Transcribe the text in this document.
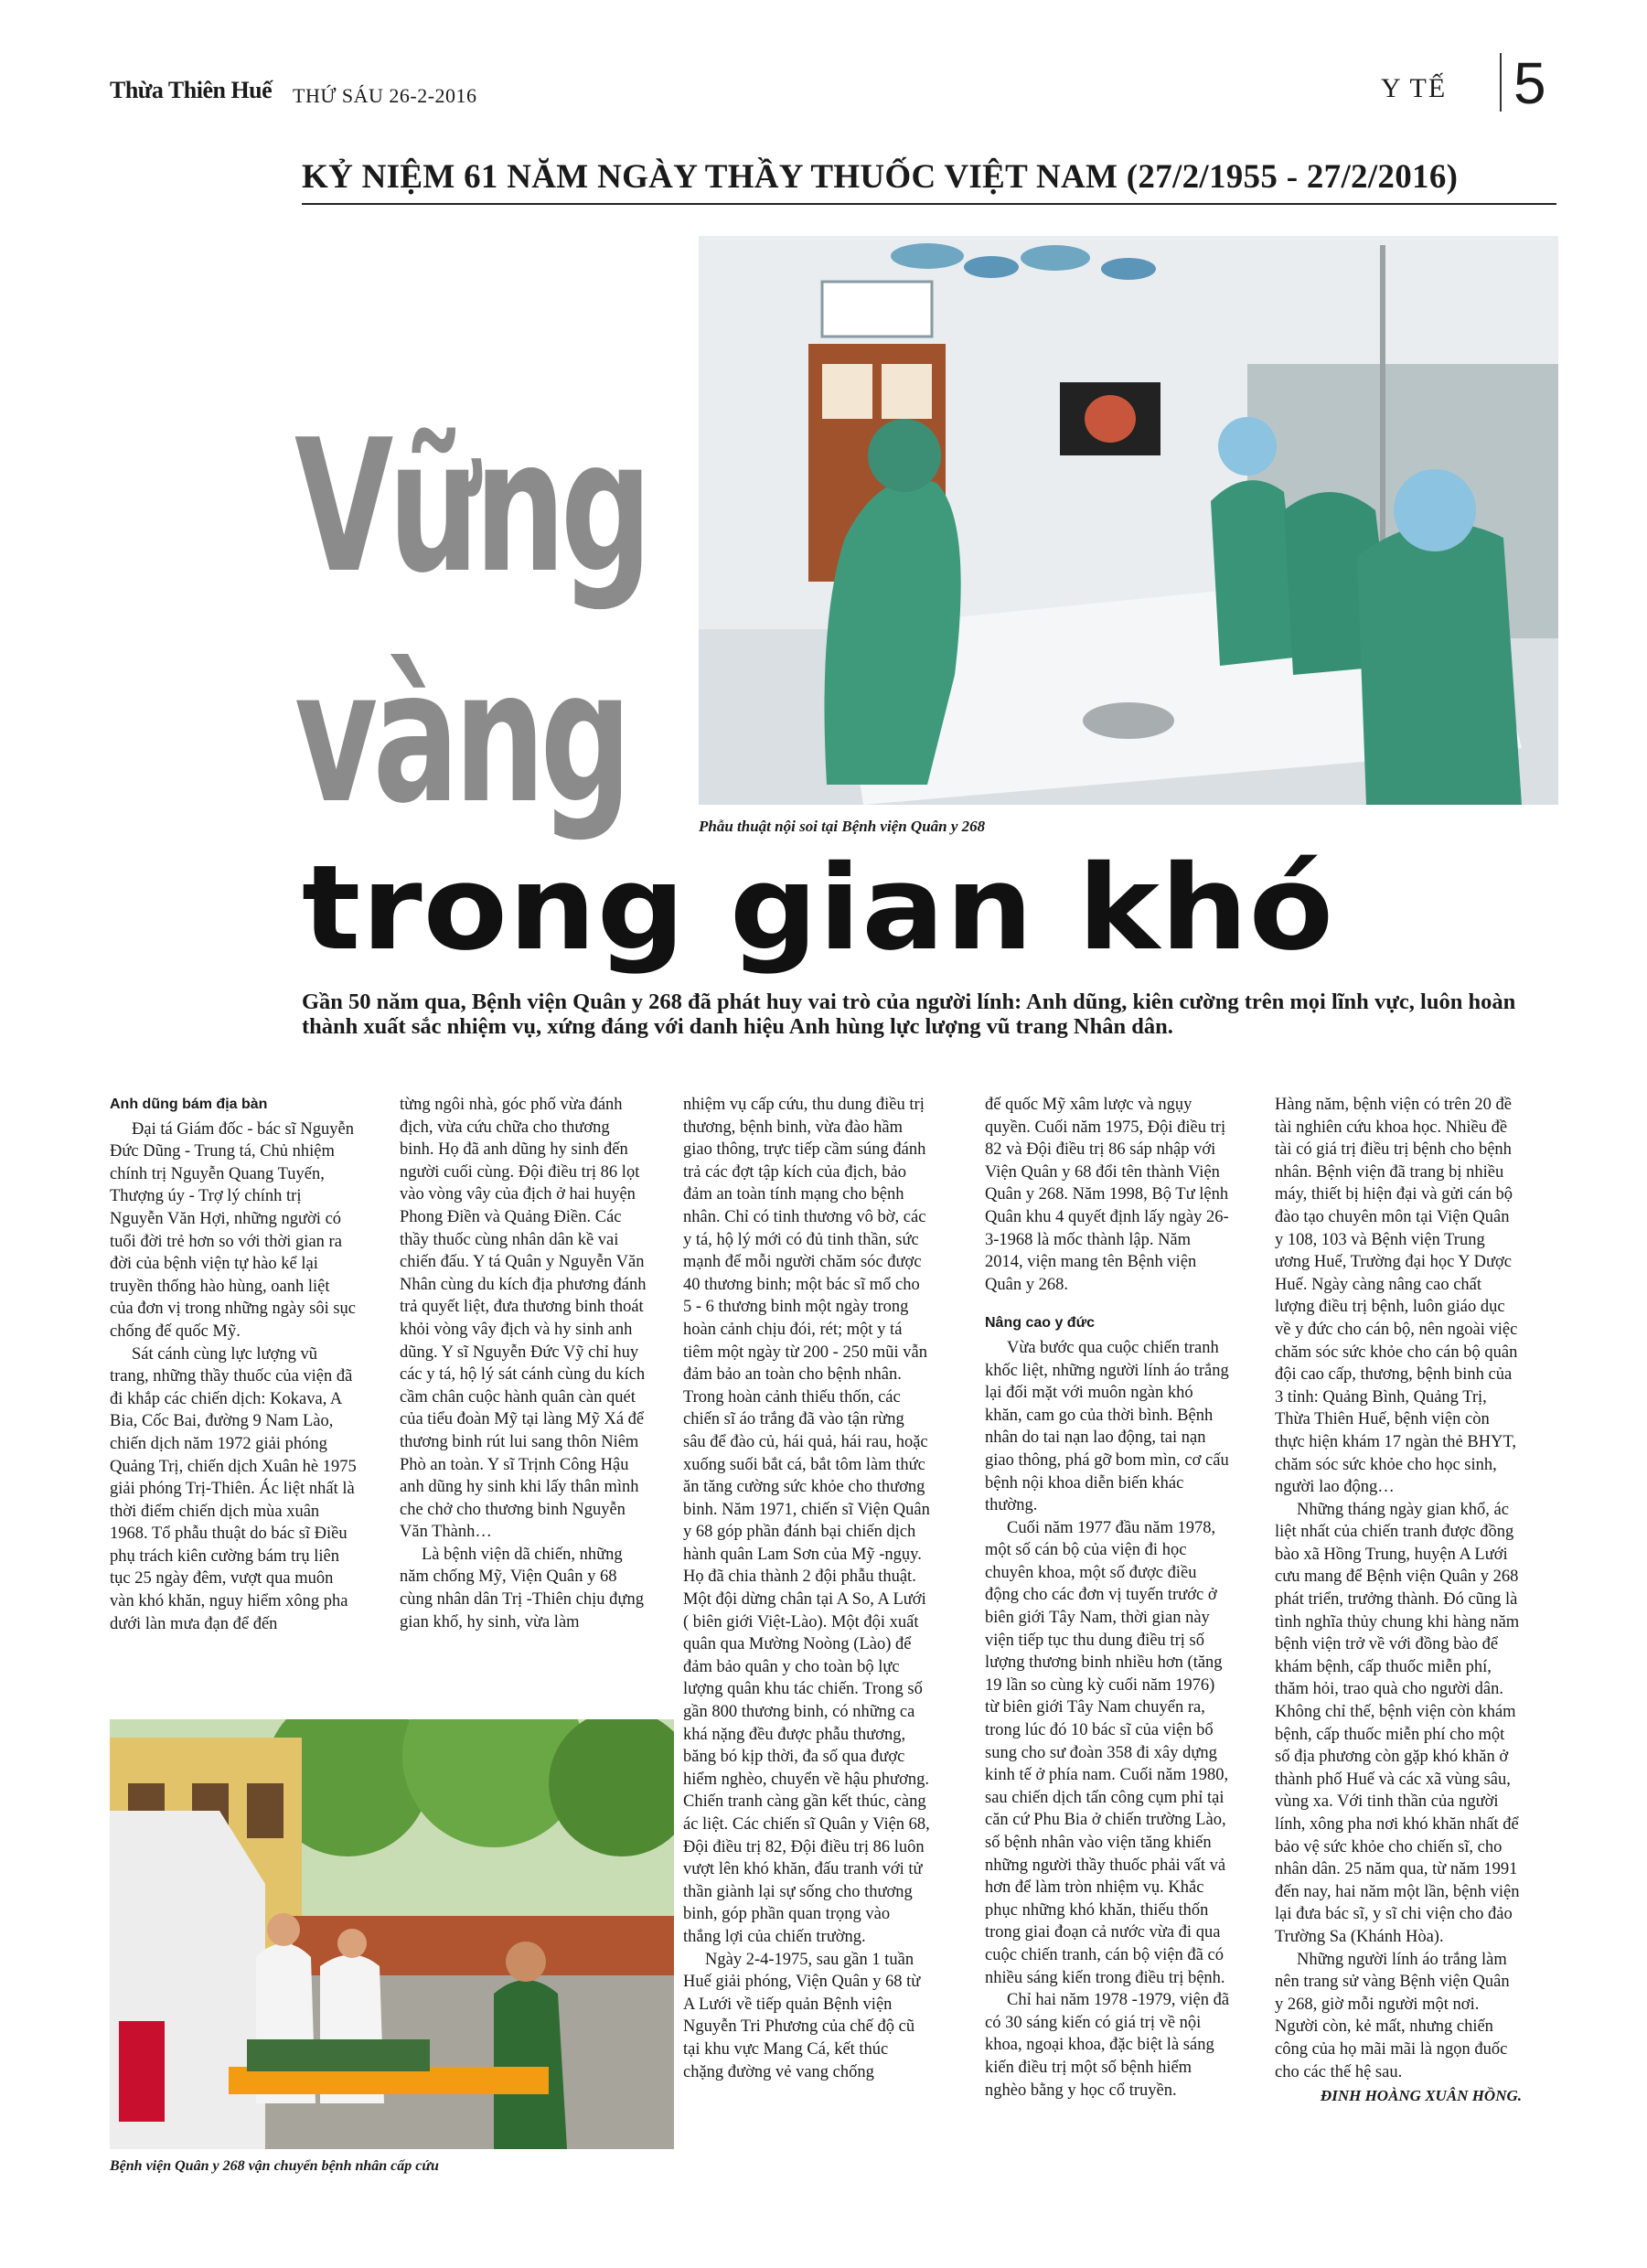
Thừa Thiên Huế THỨ SÁU 26-2-2016	Y TẾ 5
KỶ NIỆM 61 NĂM NGÀY THẦY THUỐC VIỆT NAM (27/2/1955 - 27/2/2016)
Phẫu thuật nội soi tại Bệnh viện Quân y 268
Vững
vàng
trong gian khó
Gần 50 năm qua, Bệnh viện Quân y 268 đã phát huy vai trò của người lính: Anh dũng, kiên cường trên mọi lĩnh vực, luôn hoàn thành xuất sắc nhiệm vụ, xứng đáng với danh hiệu Anh hùng lực lượng vũ trang Nhân dân.
Anh dũng bám địa bàn

Đại tá Giám đốc - bác sĩ Nguyễn Đức Dũng - Trung tá, Chủ nhiệm chính trị Nguyễn Quang Tuyến, Thượng úy - Trợ lý chính trị Nguyễn Văn Hợi, những người có tuổi đời trẻ hơn so với thời gian ra đời của bệnh viện tự hào kể lại truyền thống hào hùng, oanh liệt của đơn vị trong những ngày sôi sục chống đế quốc Mỹ.

Sát cánh cùng lực lượng vũ trang, những thầy thuốc của viện đã đi khắp các chiến dịch: Kokava, A Bia, Cốc Bai, đường 9 Nam Lào, chiến dịch năm 1972 giải phóng Quảng Trị, chiến dịch Xuân hè 1975 giải phóng Trị-Thiên. Ác liệt nhất là thời điểm chiến dịch mùa xuân 1968. Tổ phẫu thuật do bác sĩ Điều phụ trách kiên cường bám trụ liên tục 25 ngày đêm, vượt qua muôn vàn khó khăn, nguy hiểm xông pha dưới làn mưa đạn để đến

từng ngôi nhà, góc phố vừa đánh địch, vừa cứu chữa cho thương binh. Họ đã anh dũng hy sinh đến người cuối cùng. Đội điều trị 86 lọt vào vòng vây của địch ở hai huyện Phong Điền và Quảng Điền. Các thầy thuốc cùng nhân dân kề vai chiến đấu. Y tá Quân y Nguyễn Văn Nhân cùng du kích địa phương đánh trả quyết liệt, đưa thương binh thoát khỏi vòng vây địch và hy sinh anh dũng. Y sĩ Nguyễn Đức Vỹ chỉ huy các y tá, hộ lý sát cánh cùng du kích cầm chân cuộc hành quân càn quét của tiểu đoàn Mỹ tại làng Mỹ Xá để thương binh rút lui sang thôn Niêm Phò an toàn. Y sĩ Trịnh Công Hậu anh dũng hy sinh khi lấy thân mình che chở cho thương binh Nguyễn Văn Thành…

Là bệnh viện dã chiến, những năm chống Mỹ, Viện Quân y 68 cùng nhân dân Trị -Thiên chịu đựng gian khổ, hy sinh, vừa làm

nhiệm vụ cấp cứu, thu dung điều trị thương, bệnh binh, vừa đào hầm giao thông, trực tiếp cầm súng đánh trả các đợt tập kích của địch, bảo đảm an toàn tính mạng cho bệnh nhân. Chỉ có tinh thương vô bờ, các y tá, hộ lý mới có đủ tinh thần, sức mạnh để mỗi người chăm sóc được 40 thương binh; một bác sĩ mổ cho 5 - 6 thương binh một ngày trong hoàn cảnh chịu đói, rét; một y tá tiêm một ngày từ 200 - 250 mũi vẫn đảm bảo an toàn cho bệnh nhân. Trong hoàn cảnh thiếu thốn, các chiến sĩ áo trắng đã vào tận rừng sâu để đào củ, hái quả, hái rau, hoặc xuống suối bắt cá, bắt tôm làm thức ăn tăng cường sức khỏe cho thương binh. Năm 1971, chiến sĩ Viện Quân y 68 góp phần đánh bại chiến dịch hành quân Lam Sơn của Mỹ -ngụy. Họ đã chia thành 2 đội phẫu thuật. Một đội dừng chân tại A So, A Lưới ( biên giới Việt-Lào). Một đội xuất quân qua Mường Noòng (Lào) để đảm bảo quân y cho toàn bộ lực lượng quân khu tác chiến. Trong số gần 800 thương binh, có những ca khá nặng đều được phẫu thương, băng bó kịp thời, đa số qua được hiểm nghèo, chuyển về hậu phương. Chiến tranh càng gần kết thúc, càng ác liệt. Các chiến sĩ Quân y Viện 68, Đội điều trị 82, Đội điều trị 86 luôn vượt lên khó khăn, đấu tranh với tử thần giành lại sự sống cho thương binh, góp phần quan trọng vào thắng lợi của chiến trường.

Ngày 2-4-1975, sau gần 1 tuần Huế giải phóng, Viện Quân y 68 từ A Lưới về tiếp quản Bệnh viện Nguyễn Tri Phương của chế độ cũ tại khu vực Mang Cá, kết thúc chặng đường vẻ vang chống

đế quốc Mỹ xâm lược và ngụy quyền. Cuối năm 1975, Đội điều trị 82 và Đội điều trị 86 sáp nhập với Viện Quân y 68 đổi tên thành Viện Quân y 268. Năm 1998, Bộ Tư lệnh Quân khu 4 quyết định lấy ngày 26-3-1968 là mốc thành lập. Năm 2014, viện mang tên Bệnh viện Quân y 268.

Nâng cao y đức

Vừa bước qua cuộc chiến tranh khốc liệt, những người lính áo trắng lại đối mặt với muôn ngàn khó khăn, cam go của thời bình. Bệnh nhân do tai nạn lao động, tai nạn giao thông, phá gỡ bom mìn, cơ cấu bệnh nội khoa diễn biến khác thường.

Cuối năm 1977 đầu năm 1978, một số cán bộ của viện đi học chuyên khoa, một số được điều động cho các đơn vị tuyến trước ở biên giới Tây Nam, thời gian này viện tiếp tục thu dung điều trị số lượng thương binh nhiều hơn (tăng 19 lần so cùng kỳ cuối năm 1976) từ biên giới Tây Nam chuyển ra, trong lúc đó 10 bác sĩ của viện bổ sung cho sư đoàn 358 đi xây dựng kinh tế ở phía nam. Cuối năm 1980, sau chiến dịch tấn công cụm phỉ tại căn cứ Phu Bia ở chiến trường Lào, số bệnh nhân vào viện tăng khiến những người thầy thuốc phải vất vả hơn để làm tròn nhiệm vụ. Khắc phục những khó khăn, thiếu thốn trong giai đoạn cả nước vừa đi qua cuộc chiến tranh, cán bộ viện đã có nhiều sáng kiến trong điều trị bệnh.

Chỉ hai năm 1978 -1979, viện đã có 30 sáng kiến có giá trị về nội khoa, ngoại khoa, đặc biệt là sáng kiến điều trị một số bệnh hiểm nghèo bằng y học cổ truyền.

Hàng năm, bệnh viện có trên 20 đề tài nghiên cứu khoa học. Nhiều đề tài có giá trị điều trị bệnh cho bệnh nhân. Bệnh viện đã trang bị nhiều máy, thiết bị hiện đại và gửi cán bộ đào tạo chuyên môn tại Viện Quân y 108, 103 và Bệnh viện Trung ương Huế, Trường đại học Y Dược Huế. Ngày càng nâng cao chất lượng điều trị bệnh, luôn giáo dục về y đức cho cán bộ, nên ngoài việc chăm sóc sức khỏe cho cán bộ quân đội cao cấp, thương, bệnh binh của 3 tỉnh: Quảng Bình, Quảng Trị, Thừa Thiên Huế, bệnh viện còn thực hiện khám 17 ngàn thẻ BHYT, chăm sóc sức khỏe cho học sinh, người lao động…

Những tháng ngày gian khổ, ác liệt nhất của chiến tranh được đồng bào xã Hồng Trung, huyện A Lưới cưu mang để Bệnh viện Quân y 268 phát triển, trưởng thành. Đó cũng là tình nghĩa thủy chung khi hàng năm bệnh viện trở về với đồng bào để khám bệnh, cấp thuốc miễn phí, thăm hỏi, trao quà cho người dân. Không chỉ thế, bệnh viện còn khám bệnh, cấp thuốc miễn phí cho một số địa phương còn gặp khó khăn ở thành phố Huế và các xã vùng sâu, vùng xa. Với tinh thần của người lính, xông pha nơi khó khăn nhất để bảo vệ sức khỏe cho chiến sĩ, cho nhân dân. 25 năm qua, từ năm 1991 đến nay, hai năm một lần, bệnh viện lại đưa bác sĩ, y sĩ chi viện cho đảo Trường Sa (Khánh Hòa).

Những người lính áo trắng làm nên trang sử vàng Bệnh viện Quân y 268, giờ mỗi người một nơi. Người còn, kẻ mất, nhưng chiến công của họ mãi mãi là ngọn đuốc cho các thế hệ sau.

ĐINH HOÀNG XUÂN HỒNG.
Bệnh viện Quân y 268 vận chuyển bệnh nhân cấp cứu
